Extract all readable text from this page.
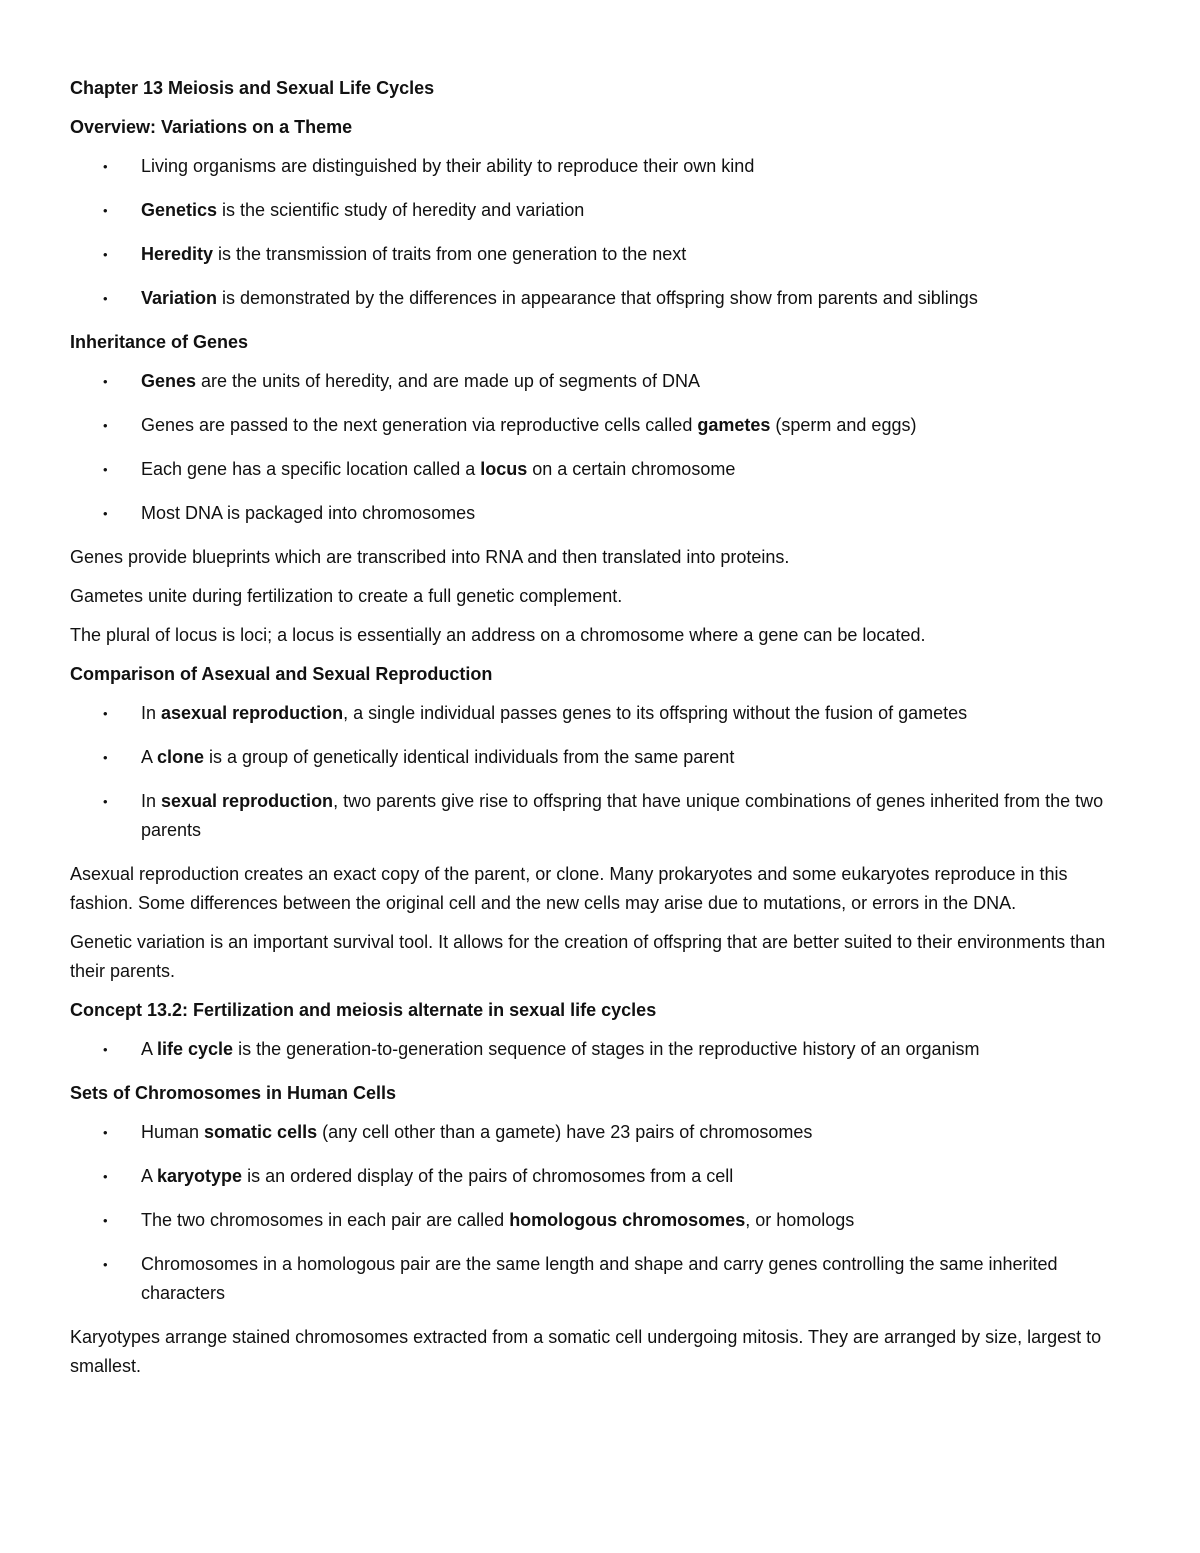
Chapter 13 Meiosis and Sexual Life Cycles
Overview: Variations on a Theme
• Living organisms are distinguished by their ability to reproduce their own kind
• Genetics is the scientific study of heredity and variation
• Heredity is the transmission of traits from one generation to the next
• Variation is demonstrated by the differences in appearance that offspring show from parents and siblings
Inheritance of Genes
• Genes are the units of heredity, and are made up of segments of DNA
• Genes are passed to the next generation via reproductive cells called gametes (sperm and eggs)
• Each gene has a specific location called a locus on a certain chromosome
• Most DNA is packaged into chromosomes
Genes provide blueprints which are transcribed into RNA and then translated into proteins.
Gametes unite during fertilization to create a full genetic complement.
The plural of locus is loci; a locus is essentially an address on a chromosome where a gene can be located.
Comparison of Asexual and Sexual Reproduction
• In asexual reproduction, a single individual passes genes to its offspring without the fusion of gametes
• A clone is a group of genetically identical individuals from the same parent
• In sexual reproduction, two parents give rise to offspring that have unique combinations of genes inherited from the two parents
Asexual reproduction creates an exact copy of the parent, or clone. Many prokaryotes and some eukaryotes reproduce in this fashion. Some differences between the original cell and the new cells may arise due to mutations, or errors in the DNA.
Genetic variation is an important survival tool. It allows for the creation of offspring that are better suited to their environments than their parents.
Concept 13.2: Fertilization and meiosis alternate in sexual life cycles
• A life cycle is the generation-to-generation sequence of stages in the reproductive history of an organism
Sets of Chromosomes in Human Cells
• Human somatic cells (any cell other than a gamete) have 23 pairs of chromosomes
• A karyotype is an ordered display of the pairs of chromosomes from a cell
• The two chromosomes in each pair are called homologous chromosomes, or homologs
• Chromosomes in a homologous pair are the same length and shape and carry genes controlling the same inherited characters
Karyotypes arrange stained chromosomes extracted from a somatic cell undergoing mitosis. They are arranged by size, largest to smallest.
